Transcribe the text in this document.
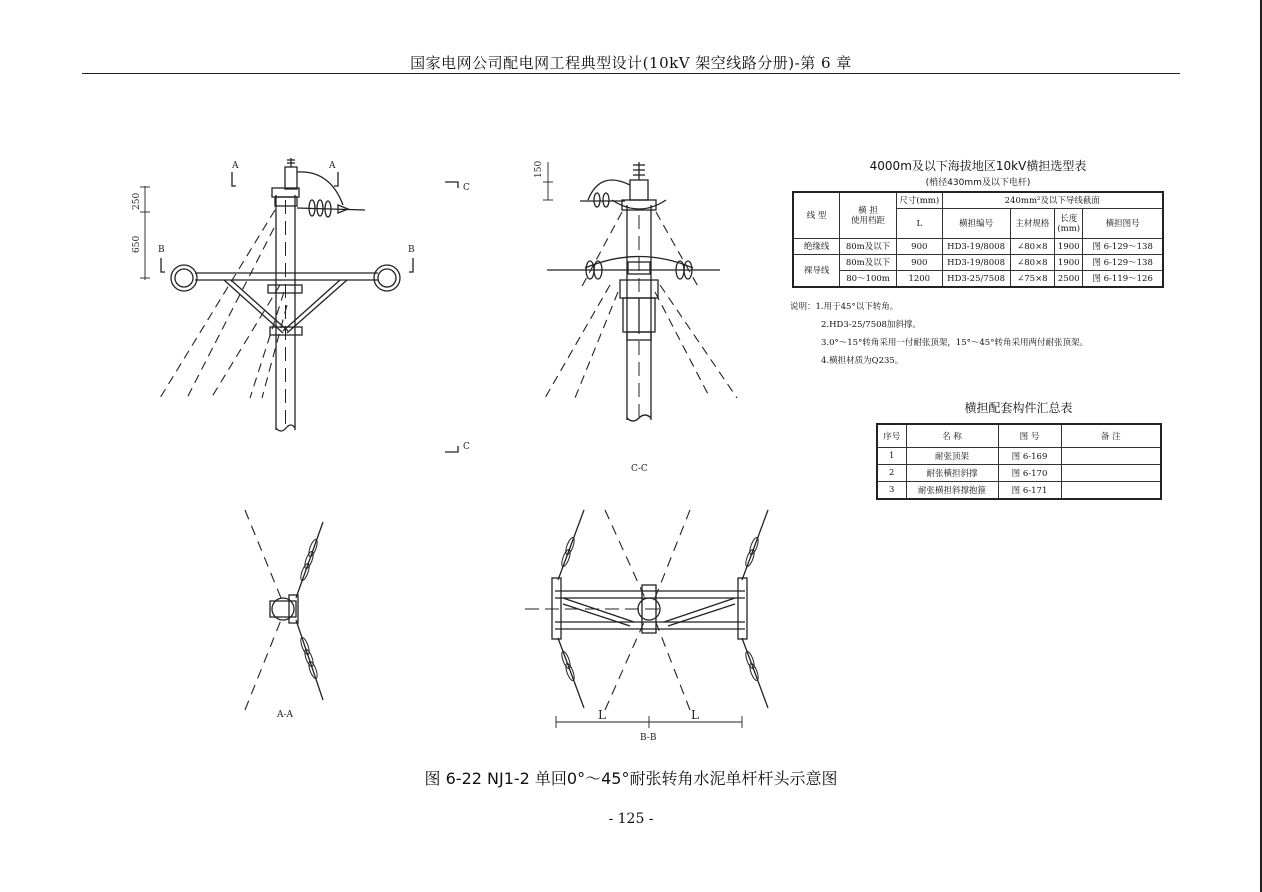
国家电网公司配电网工程典型设计(10kV 架空线路分册)-第 6 章
A	A
B	B
C
C
250
650
150
C-C
A-A
B-B
L	L
4000m及以下海拔地区10kV横担选型表
(梢径430mm及以下电杆)
线 型	横 担
使用档距	尺寸(mm)	240mm²及以下导线截面			
		L	横担编号	主材规格	长度
(mm)	横担图号
绝缘线	80m及以下	900	HD3-19/8008	∠80×8	1900	图 6-129～138
裸导线	80m及以下	900	HD3-19/8008	∠80×8	1900	图 6-129～138
	80～100m	1200	HD3-25/7508	∠75×8	2500	图 6-119～126
说明：1.用于45°以下转角。
2.HD3-25/7508加斜撑。
3.0°～15°转角采用一付耐张顶架，15°～45°转角采用两付耐张顶架。
4.横担材质为Q235。
横担配套构件汇总表
序号	名 称	图 号	备 注
1	耐张顶架	图 6-169	
2	耐张横担斜撑	图 6-170	
3	耐张横担斜撑抱箍	图 6-171	
图 6-22 NJ1-2 单回0°～45°耐张转角水泥单杆杆头示意图
- 125 -
